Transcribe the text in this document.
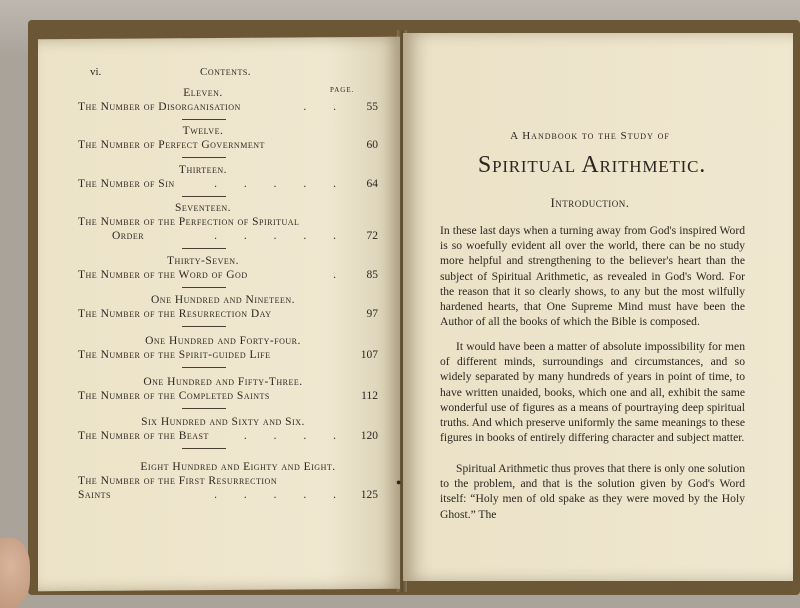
vi.	Contents.
PAGE.
Eleven.
The Number of Disorganisation	. .	55
Twelve.
The Number of Perfect Government	60
Thirteen.
The Number of Sin	. . . . .	64
Seventeen.
The Number of the Perfection of Spiritual
Order	. . . . .	72
Thirty-Seven.
The Number of the Word of God	.	85
One Hundred and Nineteen.
The Number of the Resurrection Day	97
One Hundred and Forty-four.
The Number of the Spirit-guided Life	107
One Hundred and Fifty-Three.
The Number of the Completed Saints	112
Six Hundred and Sixty and Six.
The Number of the Beast	. . . .	120
Eight Hundred and Eighty and Eight.
The Number of the First Resurrection
Saints	. . . . .	125
A Handbook to the Study of
Spiritual Arithmetic.
Introduction.

In these last days when a turning away from God's inspired Word is so woefully evident all over the world, there can be no study more helpful and strengthening to the believer's heart than the subject of Spiritual Arithmetic, as revealed in God's Word. For the reason that it so clearly shows, to any but the most wilfully hardened hearts, that One Supreme Mind must have been the Author of all the books of which the Bible is composed.

It would have been a matter of absolute impossibility for men of different minds, surroundings and circumstances, and so widely separated by many hundreds of years in point of time, to have written unaided, books, which one and all, exhibit the same wonderful use of figures as a means of pourtraying deep spiritual truths. And which preserve uniformly the same meanings to these figures in books of entirely differing character and subject matter.

Spiritual Arithmetic thus proves that there is only one solution to the problem, and that is the solution given by God's Word itself: “Holy men of old spake as they were moved by the Holy Ghost.” The

●
